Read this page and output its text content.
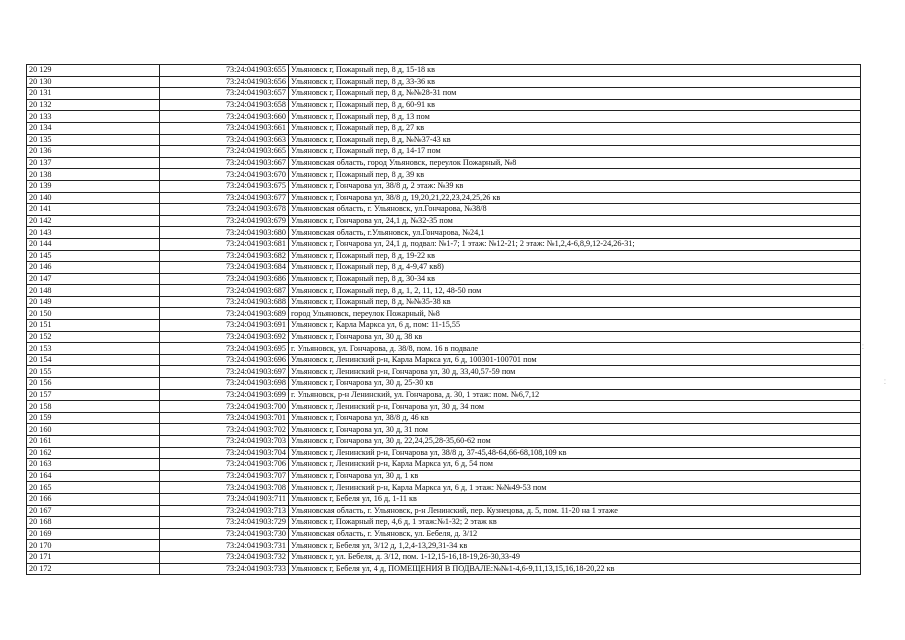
20 129	73:24:041903:655	Ульяновск г, Пожарный пер, 8 д, 15-18 кв
20 130	73:24:041903:656	Ульяновск г, Пожарный пер, 8 д, 33-36 кв
20 131	73:24:041903:657	Ульяновск г, Пожарный пер, 8 д, №№28-31 пом
20 132	73:24:041903:658	Ульяновск г, Пожарный пер, 8 д, 60-91 кв
20 133	73:24:041903:660	Ульяновск г, Пожарный пер, 8 д, 13 пом
20 134	73:24:041903:661	Ульяновск г, Пожарный пер, 8 д, 27 кв
20 135	73:24:041903:663	Ульяновск г, Пожарный пер, 8 д, №№37-43 кв
20 136	73:24:041903:665	Ульяновск г, Пожарный пер, 8 д, 14-17 пом
20 137	73:24:041903:667	Ульяновская область, город Ульяновск, переулок Пожарный, №8
20 138	73:24:041903:670	Ульяновск г, Пожарный пер, 8 д, 39 кв
20 139	73:24:041903:675	Ульяновск г, Гончарова ул, 38/8 д, 2 этаж: №39 кв
20 140	73:24:041903:677	Ульяновск г, Гончарова ул, 38/8 д, 19,20,21,22,23,24,25,26 кв
20 141	73:24:041903:678	Ульяновская область, г. Ульяновск, ул.Гончарова, №38/8
20 142	73:24:041903:679	Ульяновск г, Гончарова ул, 24,1 д, №32-35 пом
20 143	73:24:041903:680	Ульяновская область, г.Ульяновск, ул.Гончарова, №24,1
20 144	73:24:041903:681	Ульяновск г, Гончарова ул, 24,1 д, подвал: №1-7; 1 этаж: №12-21; 2 этаж: №1,2,4-6,8,9,12-24,26-31;
20 145	73:24:041903:682	Ульяновск г, Пожарный пер, 8 д, 19-22 кв
20 146	73:24:041903:684	Ульяновск г, Пожарный пер, 8 д, 4-9,47 кв8)
20 147	73:24:041903:686	Ульяновск г, Пожарный пер, 8 д, 30-34 кв
20 148	73:24:041903:687	Ульяновск г, Пожарный пер, 8 д, 1, 2, 11, 12, 48-50 пом
20 149	73:24:041903:688	Ульяновск г, Пожарный пер, 8 д, №№35-38 кв
20 150	73:24:041903:689	город Ульяновск, переулок Пожарный, №8
20 151	73:24:041903:691	Ульяновск г, Карла Маркса ул, 6 д, пом: 11-15,55
20 152	73:24:041903:692	Ульяновск г, Гончарова ул, 30 д, 38 кв
20 153	73:24:041903:695	г. Ульяновск, ул. Гончарова, д. 38/8, пом. 16 в подвале
20 154	73:24:041903:696	Ульяновск г, Ленинский р-н, Карла Маркса ул, 6 д, 100301-100701 пом
20 155	73:24:041903:697	Ульяновск г, Ленинский р-н, Гончарова ул, 30 д, 33,40,57-59 пом
20 156	73:24:041903:698	Ульяновск г, Гончарова ул, 30 д, 25-30 кв
20 157	73:24:041903:699	г. Ульяновск, р-н Ленинский, ул. Гончарова, д. 30, 1 этаж: пом. №6,7,12
20 158	73:24:041903:700	Ульяновск г, Ленинский р-н, Гончарова ул, 30 д, 34 пом
20 159	73:24:041903:701	Ульяновск г, Гончарова ул, 38/8 д, 46 кв
20 160	73:24:041903:702	Ульяновск г, Гончарова ул, 30 д, 31 пом
20 161	73:24:041903:703	Ульяновск г, Гончарова ул, 30 д, 22,24,25,28-35,60-62 пом
20 162	73:24:041903:704	Ульяновск г, Ленинский р-н, Гончарова ул, 38/8 д, 37-45,48-64,66-68,108,109 кв
20 163	73:24:041903:706	Ульяновск г, Ленинский р-н, Карла Маркса ул, 6 д, 54 пом
20 164	73:24:041903:707	Ульяновск г, Гончарова ул, 30 д, 1 кв
20 165	73:24:041903:708	Ульяновск г, Ленинский р-н, Карла Маркса ул, 6 д, 1 этаж: №№49-53 пом
20 166	73:24:041903:711	Ульяновск г, Бебеля ул, 16 д, 1-11 кв
20 167	73:24:041903:713	Ульяновская область, г. Ульяновск, р-н Ленинский, пер. Кузнецова, д. 5, пом. 11-20 на 1 этаже
20 168	73:24:041903:729	Ульяновск г, Пожарный пер, 4,6 д, 1 этаж:№1-32; 2 этаж кв
20 169	73:24:041903:730	Ульяновская область, г. Ульяновск, ул. Бебеля, д. 3/12
20 170	73:24:041903:731	Ульяновск г, Бебеля ул, 3/12 д, 1,2,4-13,29,31-34 кв
20 171	73:24:041903:732	Ульяновск г, ул. Бебеля, д. 3/12, пом. 1-12,15-16,18-19,26-30,33-49
20 172	73:24:041903:733	Ульяновск г, Бебеля ул, 4 д, ПОМЕЩЕНИЯ В ПОДВАЛЕ:№№1-4,6-9,11,13,15,16,18-20,22 кв
⁚
⁚
